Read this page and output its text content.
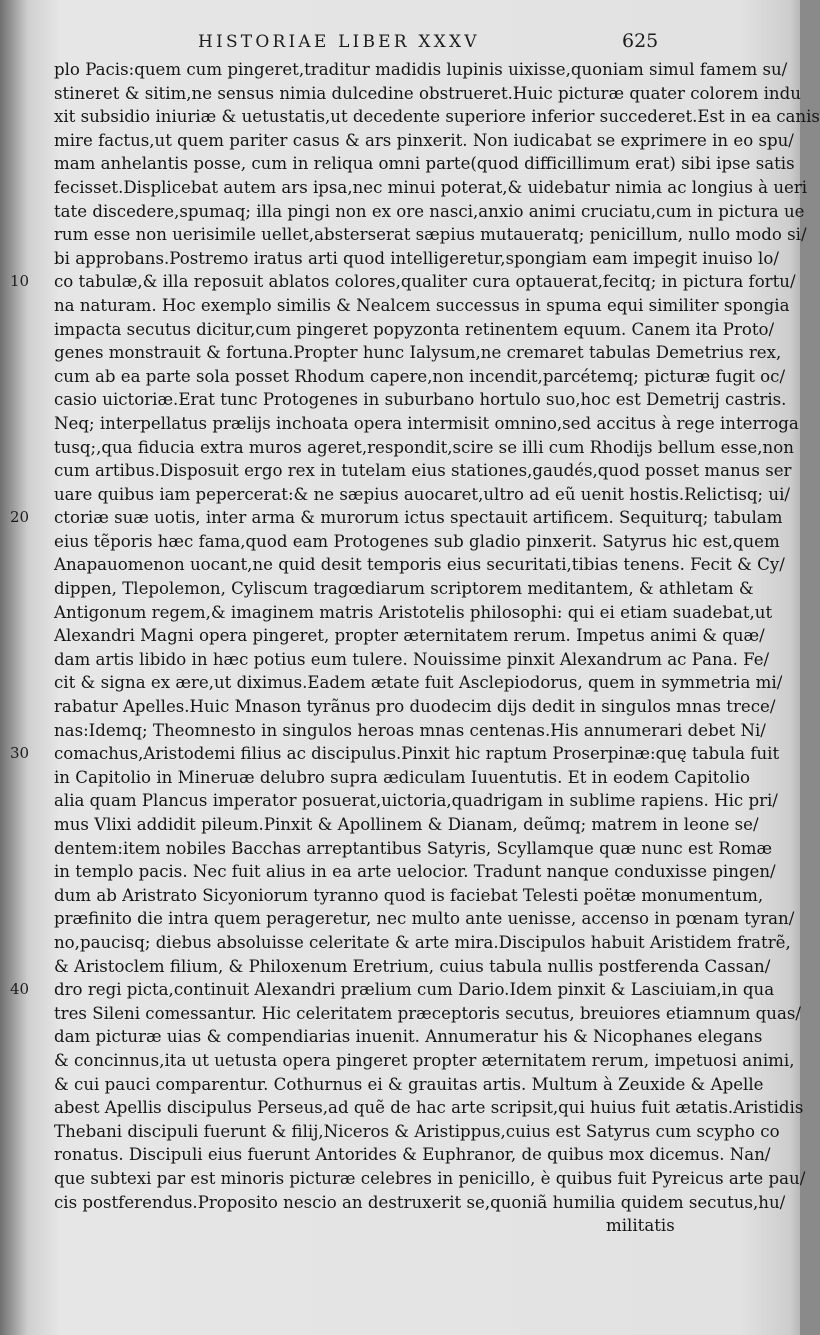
HISTORIAE LIBER XXXV	625
plo Pacis:quem cum pingeret,traditur madidis lupinis uixisse,quoniam simul famem su/
stineret & sitim,ne sensus nimia dulcedine obstrueret.Huic picturæ quater colorem indu
xit subsidio iniuriæ & uetustatis,ut decedente superiore inferior succederet.Est in ea canis
mire factus,ut quem pariter casus & ars pinxerit. Non iudicabat se exprimere in eo spu/
mam anhelantis posse, cum in reliqua omni parte(quod difficillimum erat) sibi ipse satis
fecisset.Displicebat autem ars ipsa,nec minui poterat,& uidebatur nimia ac longius à ueri
tate discedere,spumaq; illa pingi non ex ore nasci,anxio animi cruciatu,cum in pictura ue
rum esse non uerisimile uellet,absterserat sæpius mutaueratq; penicillum, nullo modo si/
bi approbans.Postremo iratus arti quod intelligeretur,spongiam eam impegit inuiso lo/
10 co tabulæ,& illa reposuit ablatos colores,qualiter cura optauerat,fecitq; in pictura fortu/
na naturam. Hoc exemplo similis & Nealcem successus in spuma equi similiter spongia
impacta secutus dicitur,cum pingeret popyzonta retinentem equum. Canem ita Proto/
genes monstrauit & fortuna.Propter hunc Ialysum,ne cremaret tabulas Demetrius rex,
cum ab ea parte sola posset Rhodum capere,non incendit,parcétemq; picturæ fugit oc/
casio uictoriæ.Erat tunc Protogenes in suburbano hortulo suo,hoc est Demetrij castris.
Neq; interpellatus prælijs inchoata opera intermisit omnino,sed accitus à rege interroga
tusq;,qua fiducia extra muros ageret,respondit,scire se illi cum Rhodijs bellum esse,non
cum artibus.Disposuit ergo rex in tutelam eius stationes,gaudés,quod posset manus ser
uare quibus iam pepercerat:& ne sæpius auocaret,ultro ad eũ uenit hostis.Relictisq; ui/
20 ctoriæ suæ uotis, inter arma & murorum ictus spectauit artificem. Sequiturq; tabulam
eius tẽporis hæc fama,quod eam Protogenes sub gladio pinxerit. Satyrus hic est,quem
Anapauomenon uocant,ne quid desit temporis eius securitati,tibias tenens. Fecit & Cy/
dippen, Tlepolemon, Cyliscum tragœdiarum scriptorem meditantem, & athletam &
Antigonum regem,& imaginem matris Aristotelis philosophi: qui ei etiam suadebat,ut
Alexandri Magni opera pingeret, propter æternitatem rerum. Impetus animi & quæ/
dam artis libido in hæc potius eum tulere. Nouissime pinxit Alexandrum ac Pana. Fe/
cit & signa ex ære,ut diximus.Eadem ætate fuit Asclepiodorus, quem in symmetria mi/
rabatur Apelles.Huic Mnason tyrãnus pro duodecim dijs dedit in singulos mnas trece/
nas:Idemq; Theomnesto in singulos heroas mnas centenas.His annumerari debet Ni/
30 comachus,Aristodemi filius ac discipulus.Pinxit hic raptum Proserpinæ:quę tabula fuit
in Capitolio in Mineruæ delubro supra ædiculam Iuuentutis. Et in eodem Capitolio
alia quam Plancus imperator posuerat,uictoria,quadrigam in sublime rapiens. Hic pri/
mus Vlixi addidit pileum.Pinxit & Apollinem & Dianam, deũmq; matrem in leone se/
dentem:item nobiles Bacchas arreptantibus Satyris, Scyllamque quæ nunc est Romæ
in templo pacis. Nec fuit alius in ea arte uelocior. Tradunt nanque conduxisse pingen/
dum ab Aristrato Sicyoniorum tyranno quod is faciebat Telesti poëtæ monumentum,
præfinito die intra quem perageretur, nec multo ante uenisse, accenso in pœnam tyran/
no,paucisq; diebus absoluisse celeritate & arte mira.Discipulos habuit Aristidem fratrẽ,
& Aristoclem filium, & Philoxenum Eretrium, cuius tabula nullis postferenda Cassan/
40 dro regi picta,continuit Alexandri prælium cum Dario.Idem pinxit & Lasciuiam,in qua
tres Sileni comessantur. Hic celeritatem præceptoris secutus, breuiores etiamnum quas/
dam picturæ uias & compendiarias inuenit. Annumeratur his & Nicophanes elegans
& concinnus,ita ut uetusta opera pingeret propter æternitatem rerum, impetuosi animi,
& cui pauci comparentur. Cothurnus ei & grauitas artis. Multum à Zeuxide & Apelle
abest Apellis discipulus Perseus,ad quẽ de hac arte scripsit,qui huius fuit ætatis.Aristidis
Thebani discipuli fuerunt & filij,Niceros & Aristippus,cuius est Satyrus cum scypho co
ronatus. Discipuli eius fuerunt Antorides & Euphranor, de quibus mox dicemus. Nan/
que subtexi par est minoris picturæ celebres in penicillo, è quibus fuit Pyreicus arte pau/
cis postferendus.Proposito nescio an destruxerit se,quoniã humilia quidem secutus,hu/
militatis
